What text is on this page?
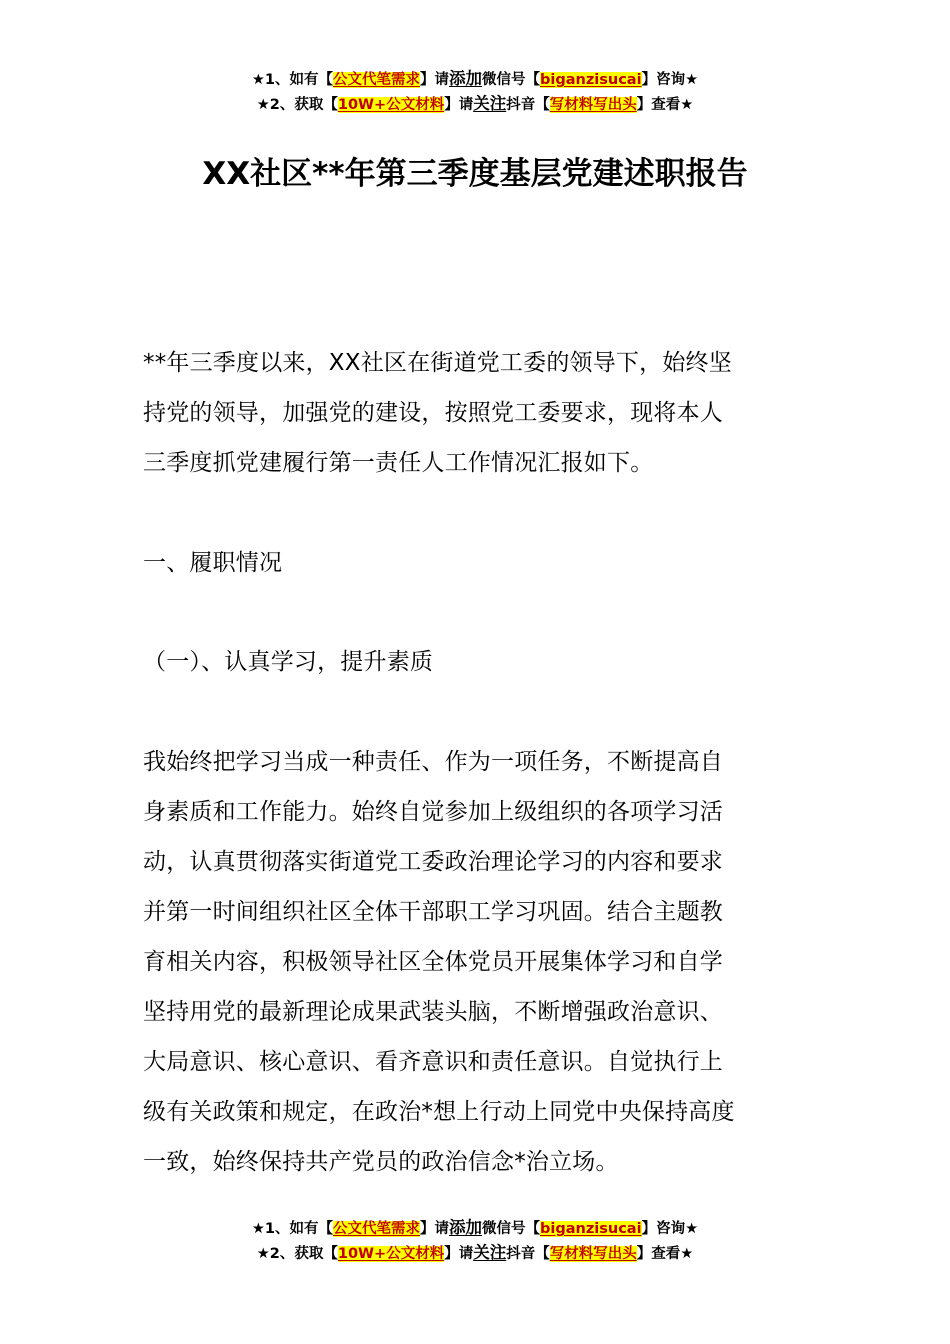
★1、如有【公文代笔需求】请添加微信号【biganzisucai】咨询★
★2、获取【10W+公文材料】请关注抖音【写材料写出头】查看★
XX社区**年第三季度基层党建述职报告
**年三季度以来，XX社区在街道党工委的领导下，始终坚
持党的领导，加强党的建设，按照党工委要求，现将本人
三季度抓党建履行第一责任人工作情况汇报如下。
一、履职情况
（一）、认真学习，提升素质
我始终把学习当成一种责任、作为一项任务，不断提高自
身素质和工作能力。始终自觉参加上级组织的各项学习活
动，认真贯彻落实街道党工委政治理论学习的内容和要求
并第一时间组织社区全体干部职工学习巩固。结合主题教
育相关内容，积极领导社区全体党员开展集体学习和自学
坚持用党的最新理论成果武装头脑，不断增强政治意识、
大局意识、核心意识、看齐意识和责任意识。自觉执行上
级有关政策和规定，在政治*想上行动上同党中央保持高度
一致，始终保持共产党员的政治信念*治立场。
★1、如有【公文代笔需求】请添加微信号【biganzisucai】咨询★
★2、获取【10W+公文材料】请关注抖音【写材料写出头】查看★
